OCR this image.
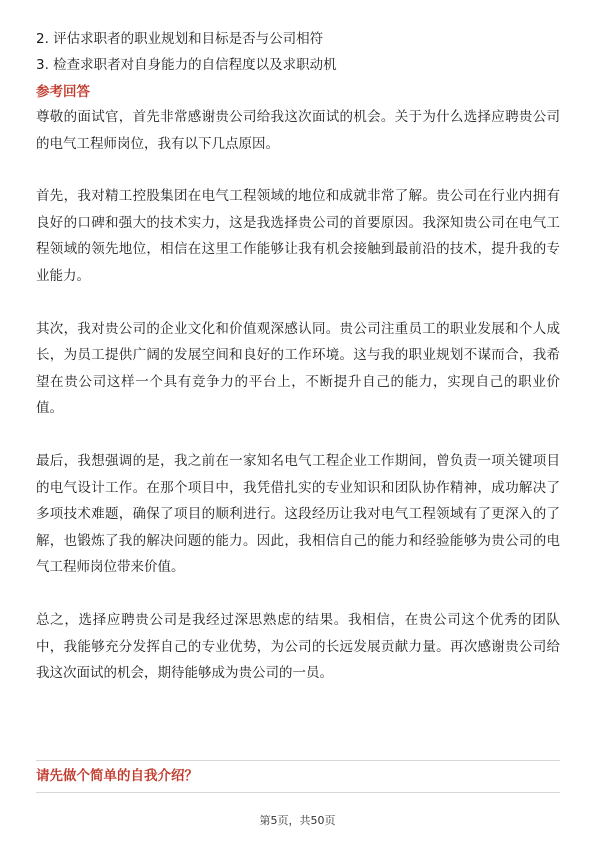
2. 评估求职者的职业规划和目标是否与公司相符
3. 检查求职者对自身能力的自信程度以及求职动机
参考回答

尊敬的面试官，首先非常感谢贵公司给我这次面试的机会。关于为什么选择应聘贵公司的电气工程师岗位，我有以下几点原因。

首先，我对精工控股集团在电气工程领域的地位和成就非常了解。贵公司在行业内拥有良好的口碑和强大的技术实力，这是我选择贵公司的首要原因。我深知贵公司在电气工程领域的领先地位，相信在这里工作能够让我有机会接触到最前沿的技术，提升我的专业能力。

其次，我对贵公司的企业文化和价值观深感认同。贵公司注重员工的职业发展和个人成长，为员工提供广阔的发展空间和良好的工作环境。这与我的职业规划不谋而合，我希望在贵公司这样一个具有竞争力的平台上，不断提升自己的能力，实现自己的职业价值。

最后，我想强调的是，我之前在一家知名电气工程企业工作期间，曾负责一项关键项目的电气设计工作。在那个项目中，我凭借扎实的专业知识和团队协作精神，成功解决了多项技术难题，确保了项目的顺利进行。这段经历让我对电气工程领域有了更深入的了解，也锻炼了我的解决问题的能力。因此，我相信自己的能力和经验能够为贵公司的电气工程师岗位带来价值。

总之，选择应聘贵公司是我经过深思熟虑的结果。我相信，在贵公司这个优秀的团队中，我能够充分发挥自己的专业优势，为公司的长远发展贡献力量。再次感谢贵公司给我这次面试的机会，期待能够成为贵公司的一员。

请先做个简单的自我介绍？
第5页，共50页
